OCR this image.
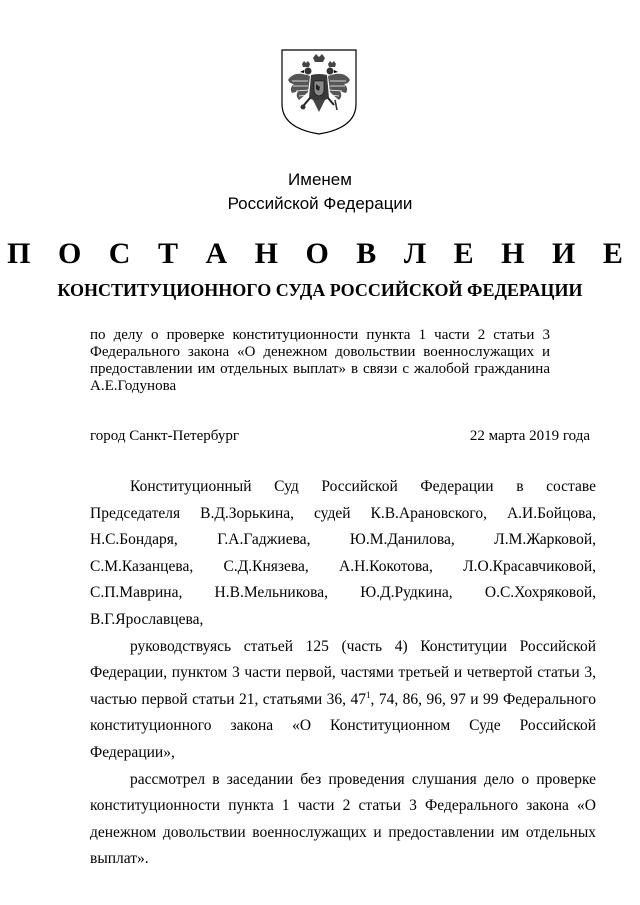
Именем
Российской Федерации
П О С Т А Н О В Л Е Н И Е
КОНСТИТУЦИОННОГО СУДА РОССИЙСКОЙ ФЕДЕРАЦИИ
по делу о проверке конституционности пункта 1 части 2 статьи 3 Федерального закона «О денежном довольствии военнослужащих и предоставлении им отдельных выплат» в связи с жалобой гражданина А.Е.Годунова
город Санкт-Петербург	22 марта 2019 года

Конституционный Суд Российской Федерации в составе Председателя В.Д.Зорькина, судей К.В.Арановского, А.И.Бойцова, Н.С.Бондаря, Г.А.Гаджиева, Ю.М.Данилова, Л.М.Жарковой, С.М.Казанцева, С.Д.Князева, А.Н.Кокотова, Л.О.Красавчиковой, С.П.Маврина, Н.В.Мельникова, Ю.Д.Рудкина, О.С.Хохряковой, В.Г.Ярославцева,

руководствуясь статьей 125 (часть 4) Конституции Российской Федерации, пунктом 3 части первой, частями третьей и четвертой статьи 3, частью первой статьи 21, статьями 36, $47^1$, 74, 86, 96, 97 и 99 Федерального конституционного закона «О Конституционном Суде Российской Федерации»,

рассмотрел в заседании без проведения слушания дело о проверке конституционности пункта 1 части 2 статьи 3 Федерального закона «О денежном довольствии военнослужащих и предоставлении им отдельных выплат».
